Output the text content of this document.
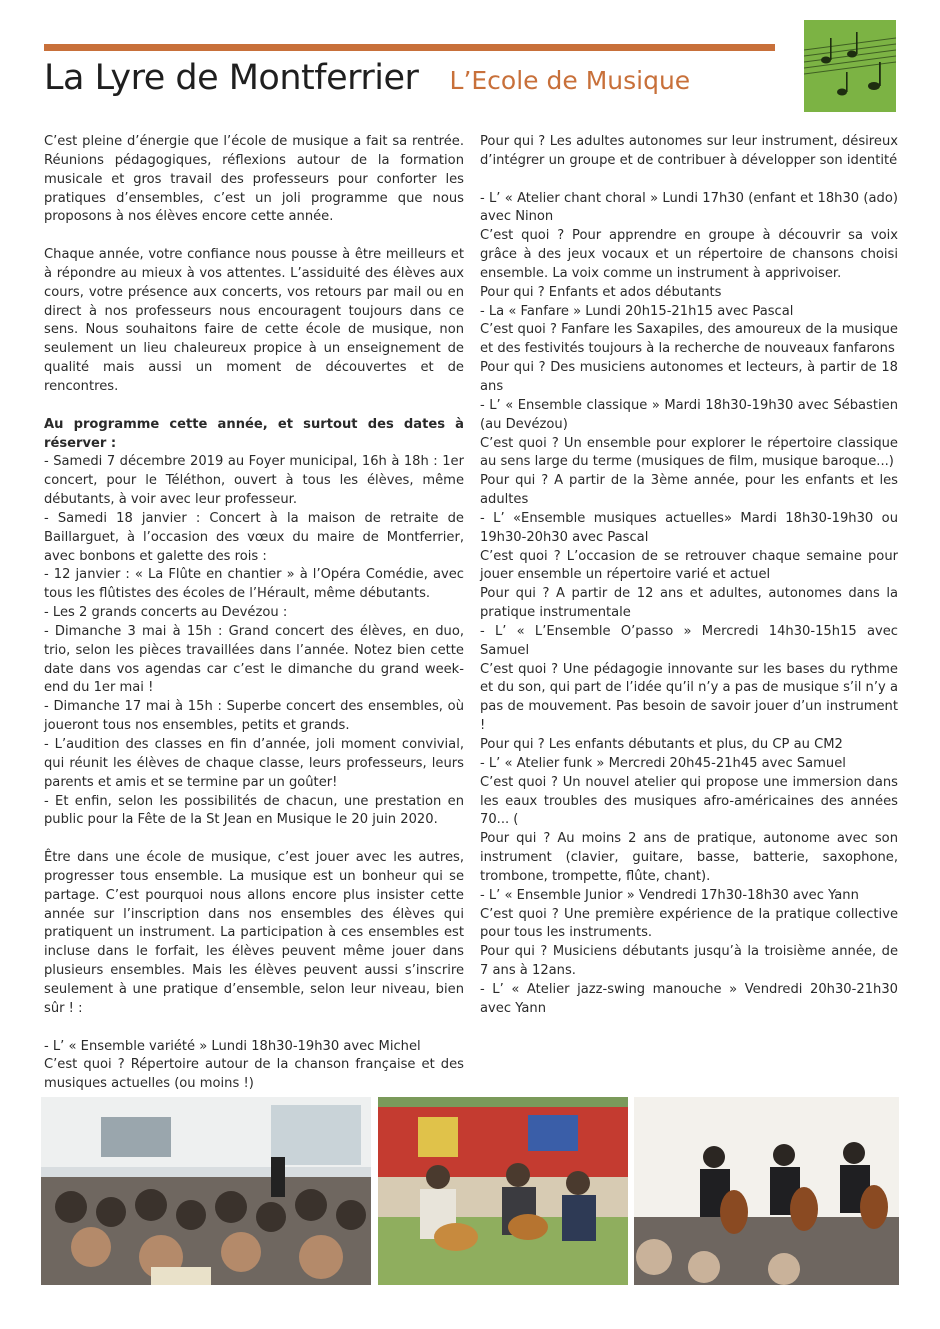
La Lyre de Montferrier L’Ecole de Musique

C’est pleine d’énergie que l’école de musique a fait sa rentrée. Réunions pédagogiques, réflexions autour de la formation musicale et gros travail des professeurs pour conforter les pratiques d’ensembles, c’est un joli programme que nous proposons à nos élèves encore cette année.

Chaque année, votre confiance nous pousse à être meilleurs et à répondre au mieux à vos attentes. L’assiduité des élèves aux cours, votre présence aux concerts, vos retours par mail ou en direct à nos professeurs nous encouragent toujours dans ce sens. Nous souhaitons faire de cette école de musique, non seulement un lieu chaleureux propice à un enseignement de qualité mais aussi un moment de découvertes et de rencontres.

Au programme cette année, et surtout des dates à réserver :

- Samedi 7 décembre 2019 au Foyer municipal, 16h à 18h : 1er concert, pour le Téléthon, ouvert à tous les élèves, même débutants, à voir avec leur professeur.

- Samedi 18 janvier : Concert à la maison de retraite de Baillarguet, à l’occasion des vœux du maire de Montferrier, avec bonbons et galette des rois :

- 12 janvier : « La Flûte en chantier » à l’Opéra Comédie, avec tous les flûtistes des écoles de l’Hérault, même débutants.

- Les 2 grands concerts au Devézou :

- Dimanche 3 mai à 15h : Grand concert des élèves, en duo, trio, selon les pièces travaillées dans l’année. Notez bien cette date dans vos agendas car c’est le dimanche du grand week-end du 1er mai !

- Dimanche 17 mai à 15h : Superbe concert des ensembles, où joueront tous nos ensembles, petits et grands.

- L’audition des classes en fin d’année, joli moment convivial, qui réunit les élèves de chaque classe, leurs professeurs, leurs parents et amis et se termine par un goûter!

- Et enfin, selon les possibilités de chacun, une prestation en public pour la Fête de la St Jean en Musique le 20 juin 2020.

Être dans une école de musique, c’est jouer avec les autres, progresser tous ensemble. La musique est un bonheur qui se partage. C’est pourquoi nous allons encore plus insister cette année sur l’inscription dans nos ensembles des élèves qui pratiquent un instrument. La participation à ces ensembles est incluse dans le forfait, les élèves peuvent même jouer dans plusieurs ensembles. Mais les élèves peuvent aussi s’inscrire seulement à une pratique d’ensemble, selon leur niveau, bien sûr ! :

- L’ « Ensemble variété » Lundi 18h30-19h30 avec Michel

C’est quoi ? Répertoire autour de la chanson française et des musiques actuelles (ou moins !)

Pour qui ? Les adultes autonomes sur leur instrument, désireux d’intégrer un groupe et de contribuer à développer son identité

- L’ « Atelier chant choral » Lundi 17h30 (enfant et 18h30 (ado) avec Ninon

C’est quoi ? Pour apprendre en groupe à découvrir sa voix grâce à des jeux vocaux et un répertoire de chansons choisi ensemble. La voix comme un instrument à apprivoiser.

Pour qui ? Enfants et ados débutants

- La « Fanfare » Lundi 20h15-21h15 avec Pascal

C’est quoi ? Fanfare les Saxapiles, des amoureux de la musique et des festivités toujours à la recherche de nouveaux fanfarons

Pour qui ? Des musiciens autonomes et lecteurs, à partir de 18 ans

- L’ « Ensemble classique » Mardi 18h30-19h30 avec Sébastien (au Devézou)

C’est quoi ? Un ensemble pour explorer le répertoire classique au sens large du terme (musiques de film, musique baroque...)

Pour qui ? A partir de la 3ème année, pour les enfants et les adultes

- L’ «Ensemble musiques actuelles» Mardi 18h30-19h30 ou 19h30-20h30 avec Pascal

C’est quoi ? L’occasion de se retrouver chaque semaine pour jouer ensemble un répertoire varié et actuel

Pour qui ? A partir de 12 ans et adultes, autonomes dans la pratique instrumentale

- L’ « L’Ensemble O’passo » Mercredi 14h30-15h15 avec Samuel

C’est quoi ? Une pédagogie innovante sur les bases du rythme et du son, qui part de l’idée qu’il n’y a pas de musique s’il n’y a pas de mouvement. Pas besoin de savoir jouer d’un instrument !

Pour qui ? Les enfants débutants et plus, du CP au CM2

- L’ « Atelier funk » Mercredi 20h45-21h45 avec Samuel

C’est quoi ? Un nouvel atelier qui propose une immersion dans les eaux troubles des musiques afro-américaines des années 70... (

Pour qui ? Au moins 2 ans de pratique, autonome avec son instrument (clavier, guitare, basse, batterie, saxophone, trombone, trompette, flûte, chant).

- L’ « Ensemble Junior » Vendredi 17h30-18h30 avec Yann

C’est quoi ? Une première expérience de la pratique collective pour tous les instruments.

Pour qui ? Musiciens débutants jusqu’à la troisième année, de 7 ans à 12ans.

- L’ « Atelier jazz-swing manouche » Vendredi 20h30-21h30 avec Yann
